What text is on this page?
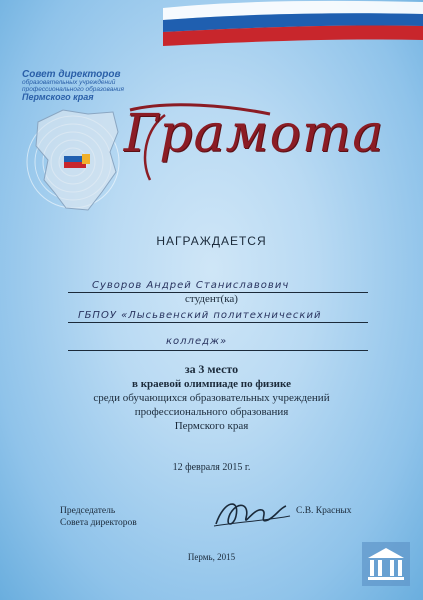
Совет директоров
образовательных учреждений
профессионального образования
Пермского края
Грамота
НАГРАЖДАЕТСЯ
Суворов Андрей Станиславович
студент(ка)
ГБПОУ «Лысьвенский политехнический
колледж»
за 3 место
в краевой олимпиаде по физике
среди обучающихся образовательных учреждений
профессионального образования
Пермского края
12 февраля 2015 г.
Председатель
Совета директоров
С.В. Красных
Пермь, 2015
